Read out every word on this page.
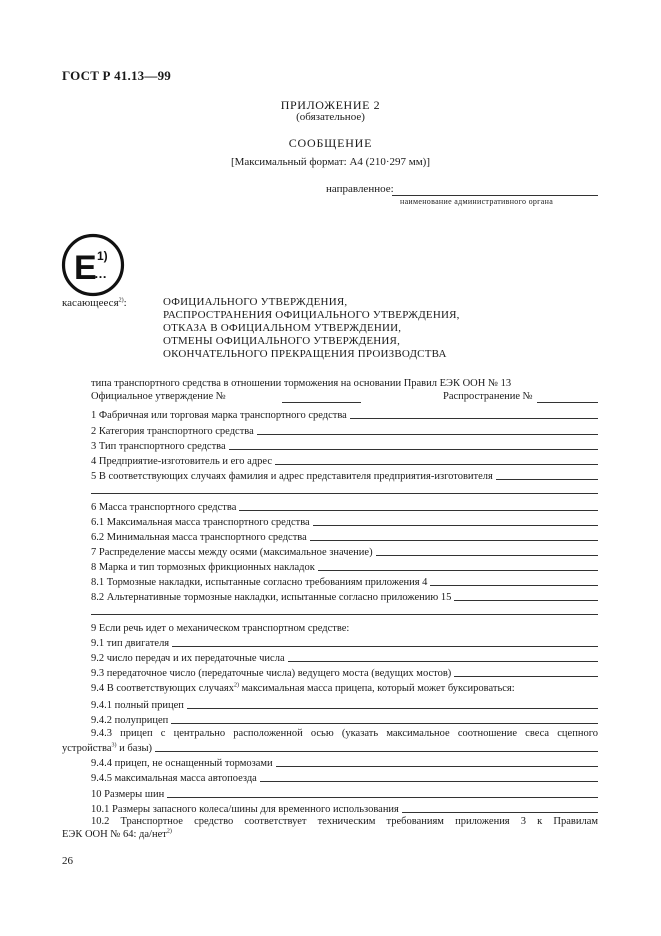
ГОСТ Р 41.13—99
ПРИЛОЖЕНИЕ 2
(обязательное)
СООБЩЕНИЕ
[Максимальный формат: А4 (210·297 мм)]
направленное:
наименование административного органа
E 1)
…
касающееся$^{2)}$:	ОФИЦИАЛЬНОГО УТВЕРЖДЕНИЯ,
РАСПРОСТРАНЕНИЯ ОФИЦИАЛЬНОГО УТВЕРЖДЕНИЯ,
ОТКАЗА В ОФИЦИАЛЬНОМ УТВЕРЖДЕНИИ,
ОТМЕНЫ ОФИЦИАЛЬНОГО УТВЕРЖДЕНИЯ,
ОКОНЧАТЕЛЬНОГО ПРЕКРАЩЕНИЯ ПРОИЗВОДСТВА
типа транспортного средства в отношении торможения на основании Правил ЕЭК ООН № 13
Официальное утверждение №	Распространение №
1 Фабричная или торговая марка транспортного средства
2 Категория транспортного средства
3 Тип транспортного средства
4 Предприятие-изготовитель и его адрес
5 В соответствующих случаях фамилия и адрес представителя предприятия-изготовителя
6 Масса транспортного средства
6.1 Максимальная масса транспортного средства
6.2 Минимальная масса транспортного средства
7 Распределение массы между осями (максимальное значение)
8 Марка и тип тормозных фрикционных накладок
8.1 Тормозные накладки, испытанные согласно требованиям приложения 4
8.2 Альтернативные тормозные накладки, испытанные согласно приложению 15
9 Если речь идет о механическом транспортном средстве:
9.1 тип двигателя
9.2 число передач и их передаточные числа
9.3 передаточное число (передаточные числа) ведущего моста (ведущих мостов)
9.4 В соответствующих случаях$^{2)}$ максимальная масса прицепа, который может буксироваться:
9.4.1 полный прицеп
9.4.2 полуприцеп
9.4.3 прицеп с центрально расположенной осью (указать максимальное соотношение свеса сцепного
устройства$^{3)}$ и базы)
9.4.4 прицеп, не оснащенный тормозами
9.4.5 максимальная масса автопоезда
10 Размеры шин
10.1 Размеры запасного колеса/шины для временного использования
10.2 Транспортное средство соответствует техническим требованиям приложения 3 к Правилам
ЕЭК ООН № 64: да/нет$^{2)}$
26
